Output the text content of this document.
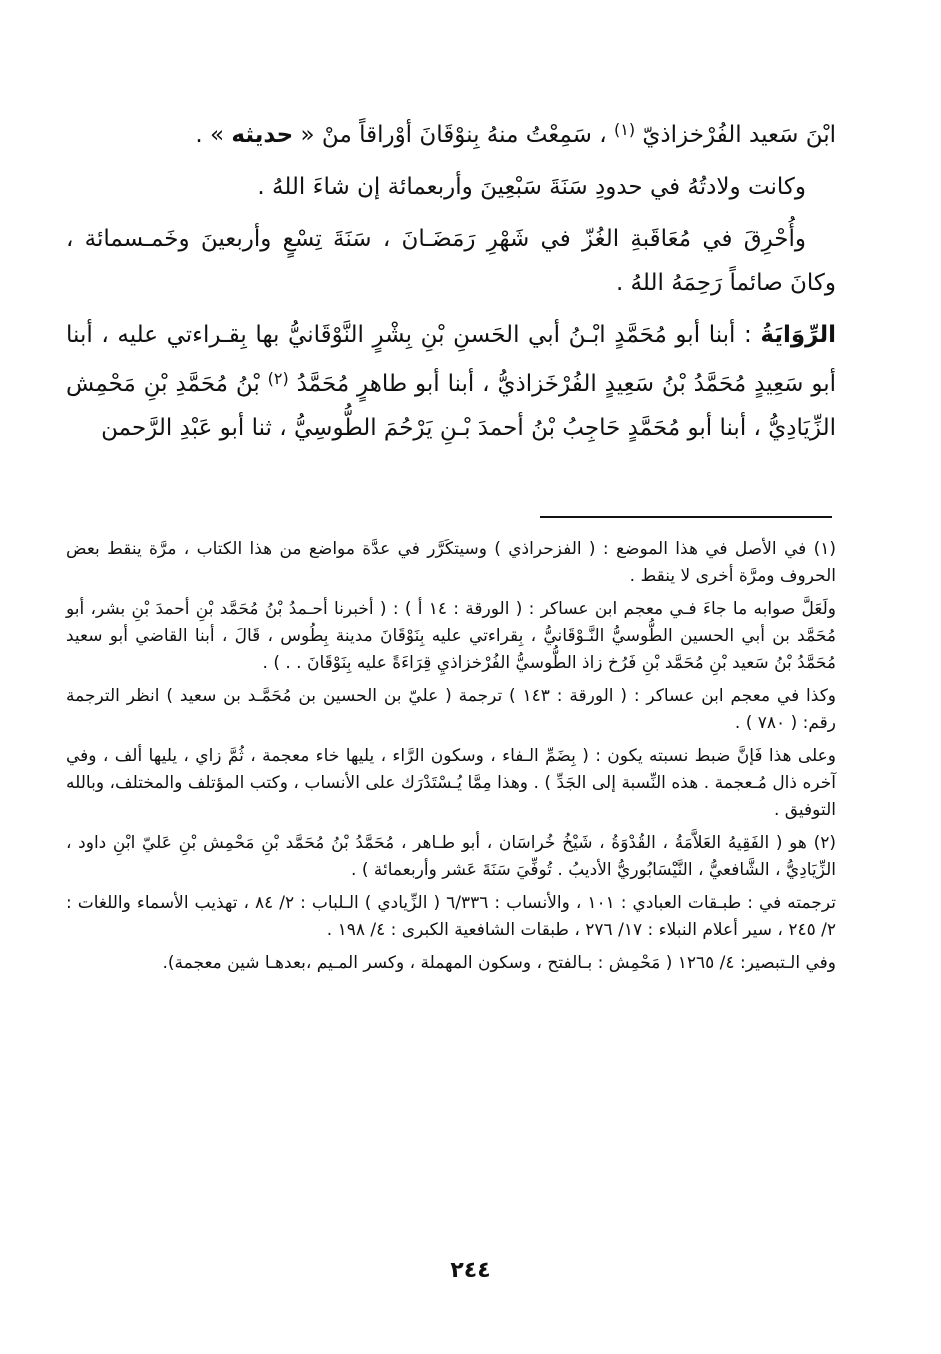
ابْنَ سَعيد الفُرْخزاذيّ $^{(١)}$ ، سَمِعْتُ منهُ بِنوْقَانَ أوْراقاً منْ « حديثه » .

وكانت ولادتُهُ في حدودِ سَنَةَ سَبْعِينَ وأربعمائة إن شاءَ اللهُ .

وأُحْرِقَ في مُعَاقَبةِ الغُزّ في شَهْرِ رَمَضَـانَ ، سَنَةَ تِسْعٍ وأربعينَ وخَمـسمائة ، وكانَ صائماً رَحِمَهُ اللهُ .

الرِّوَايَةُ : أبنا أبو مُحَمَّدٍ ابْـنُ أبي الحَسنِ بْنِ بِشْرٍ النَّوْقَانيُّ بها بِقـراءتي عليه ، أبنا أبو سَعِيدٍ مُحَمَّدُ بْنُ سَعِيدٍ الفُرْخَزاذيُّ ، أبنا أبو طاهرٍ مُحَمَّدُ $^{(٢)}$ بْنُ مُحَمَّدِ بْنِ مَحْمِش الزِّيَادِيُّ ، أبنا أبو مُحَمَّدٍ حَاجِبُ بْنُ أحمدَ بْـنِ يَرْحُمَ الطُّوسِيُّ ، ثنا أبو عَبْدِ الرَّحمن

(١) في الأصل في هذا الموضع : ( الفزحراذي ) وسيتكَرَّر في عدَّة مواضع من هذا الكتاب ، مرَّة ينقط بعض الحروف ومرَّة أخرى لا ينقط .

ولَعَلَّ صوابه ما جاءَ فـي معجم ابن عساكر : ( الورقة : ١٤ أ ) : ( أخبرنا أحـمدُ بْنُ مُحَمَّد بْنِ أحمدَ بْنِ بشر، أبو مُحَمَّد بن أبي الحسين الطُّوسيُّ النَّـوْقَانيُّ ، بِقراءتي عليه بِنَوْقَانَ مدينة بِطُوس ، قَالَ ، أبنا القاضي أبو سعيد مُحَمَّدُ بْنُ سَعيد بْنِ مُحَمَّد بْنِ فَرُخ زاذ الطُّوسيُّ الفُرْخزاذيِ قِرَاءَةً عليه بِنَوْقَانَ . . ) .

وكذا في معجم ابن عساكر : ( الورقة : ١٤٣ ) ترجمة ( عليّ بن الحسين بن مُحَمَّـد بن سعيد ) انظر الترجمة رقم: ( ٧٨٠ ) .

وعلى هذا فَإنَّ ضبط نسبته يكون : ( بِضَمِّ الـفاء ، وسكون الرَّاء ، يليها خاء معجمة ، ثُمَّ زاي ، يليها ألف ، وفي آخره ذال مُـعجمة . هذه النِّسبة إلى الجَدِّ ) . وهذا مِمَّا يُـسْتَدْرَك على الأنساب ، وكتب المؤتلف والمختلف، وبالله التوفيق .

(٢) هو ( الفَقِيهُ العَلاَّمَةُ ، القُدْوَةُ ، شَيْخُ خُراسَان ، أبو طـاهر ، مُحَمَّدُ بْنُ مُحَمَّد بْنِ مَحْمِش بْنِ عَليّ ابْنِ داود ، الزِّيَادِيُّ ، الشَّافعيُّ ، النَّيْسَابُوريُّ الأديبُ . تُوفِّيَ سَنَةَ عَشر وأربعمائة ) .

ترجمته في : طبـقات العبادي : ١٠١ ، والأنساب : ٦/٣٣٦ ( الزِّيادي ) الـلباب : ٢/ ٨٤ ، تهذيب الأسماء واللغات : ٢/ ٢٤٥ ، سير أعلام النبلاء : ١٧/ ٢٧٦ ، طبقات الشافعية الكبرى : ٤/ ١٩٨ .

وفي الـتبصير: ٤/ ١٢٦٥ ( مَحْمِش : بـالفتح ، وسكون المهملة ، وكسر المـيم ،بعدهـا شين معجمة).

٢٤٤
